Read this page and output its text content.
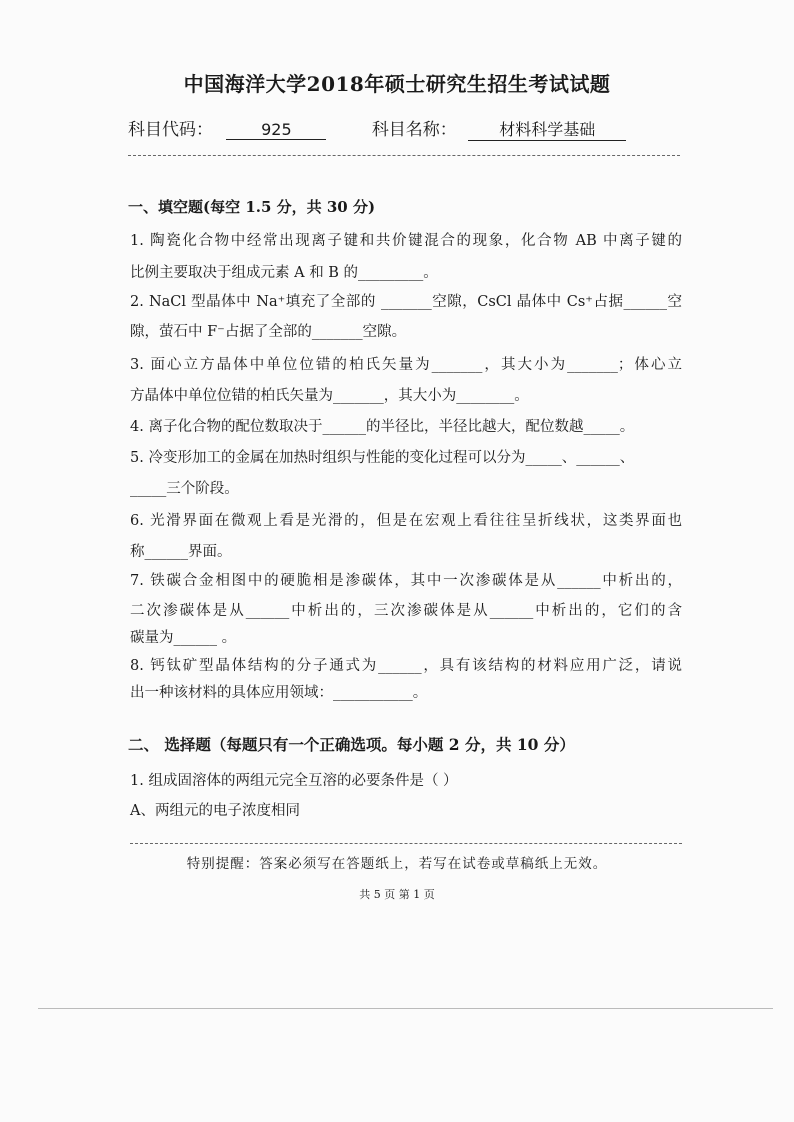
中国海洋大学2018年硕士研究生招生考试试题
科目代码：	925	科目名称：	材料科学基础
一、填空题(每空 1.5 分，共 30 分)
1. 陶瓷化合物中经常出现离子键和共价键混合的现象，化合物 AB 中离子键的
比例主要取决于组成元素 A 和 B 的_________。
2. NaCl 型晶体中 Na⁺填充了全部的 _______空隙，CsCl 晶体中 Cs⁺占据______空
隙，萤石中 F⁻占据了全部的_______空隙。
3. 面心立方晶体中单位位错的柏氏矢量为_______，其大小为_______；体心立
方晶体中单位位错的柏氏矢量为_______，其大小为________。
4. 离子化合物的配位数取决于______的半径比，半径比越大，配位数越_____。
5. 冷变形加工的金属在加热时组织与性能的变化过程可以分为_____、______、
_____三个阶段。
6. 光滑界面在微观上看是光滑的，但是在宏观上看往往呈折线状，这类界面也
称______界面。
7. 铁碳合金相图中的硬脆相是渗碳体，其中一次渗碳体是从______中析出的，
二次渗碳体是从______中析出的，三次渗碳体是从______中析出的，它们的含
碳量为______ 。
8. 钙钛矿型晶体结构的分子通式为______，具有该结构的材料应用广泛，请说
出一种该材料的具体应用领域：___________。
二、 选择题（每题只有一个正确选项。每小题 2 分，共 10 分）
1. 组成固溶体的两组元完全互溶的必要条件是（ ）
A、两组元的电子浓度相同
特别提醒：答案必须写在答题纸上，若写在试卷或草稿纸上无效。
共 5 页 第 1 页
